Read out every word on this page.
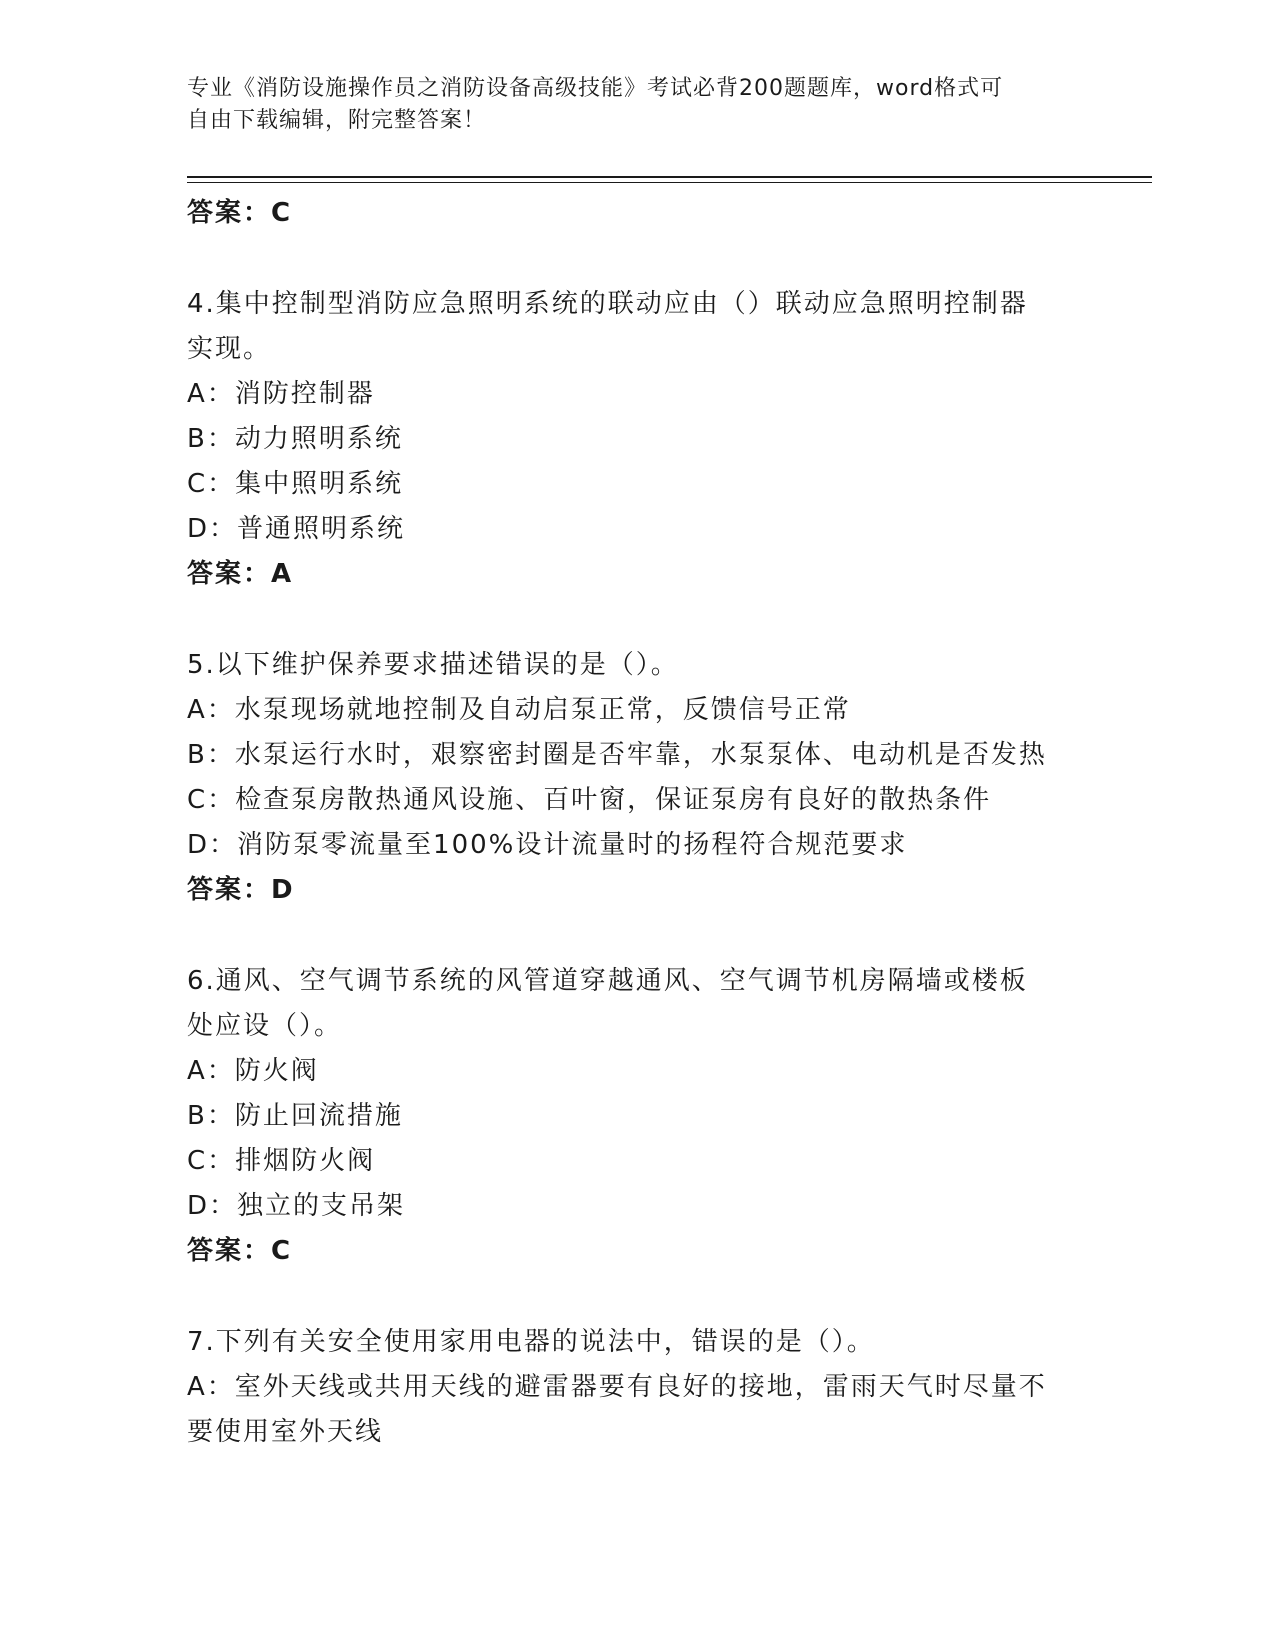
专业《消防设施操作员之消防设备高级技能》考试必背200题题库，word格式可
自由下载编辑，附完整答案！
答案：C
4.集中控制型消防应急照明系统的联动应由（）联动应急照明控制器
实现。
A：消防控制器
B：动力照明系统
C：集中照明系统
D：普通照明系统
答案：A
5.以下维护保养要求描述错误的是（）。
A：水泵现场就地控制及自动启泵正常，反馈信号正常
B：水泵运行水时，艰察密封圈是否牢靠，水泵泵体、电动机是否发热
C：检查泵房散热通风设施、百叶窗，保证泵房有良好的散热条件
D：消防泵零流量至100%设计流量时的扬程符合规范要求
答案：D
6.通风、空气调节系统的风管道穿越通风、空气调节机房隔墙或楼板
处应设（）。
A：防火阀
B：防止回流措施
C：排烟防火阀
D：独立的支吊架
答案：C
7.下列有关安全使用家用电器的说法中，错误的是（）。
A：室外天线或共用天线的避雷器要有良好的接地，雷雨天气时尽量不
要使用室外天线
